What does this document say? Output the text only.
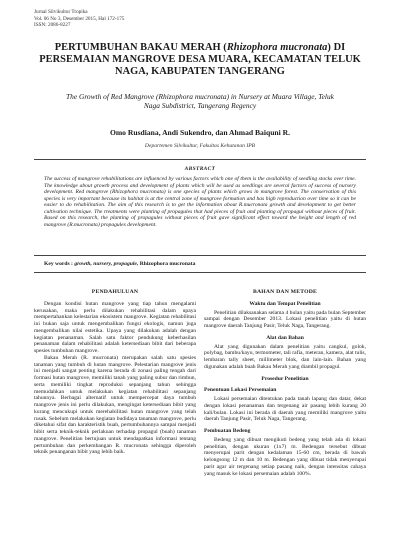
Jurnal Silvikultur Tropika
Vol. 06 No 3, Desember 2015, Hal 172-175
ISSN: 2086-8227
PERTUMBUHAN BAKAU MERAH (Rhizophora mucronata) DI PERSEMAIAN MANGROVE DESA MUARA, KECAMATAN TELUK NAGA, KABUPATEN TANGERANG
The Growth of Red Mangrove (Rhizophora mucronata) in Nursery at Muara Village, Teluk Naga Subdistrict, Tangerang Regency
Omo Rusdiana, Andi Sukendro, dan Ahmad Baiquni R.
Departemen Silvikultur, Fakultas Kehutanan IPB
ABSTRACT
The success of mangrove rehabilitations are influenced by various factors which one of them is the availability of seedling stocks over time. The knowledge about growth process and development of plants which will be used as seedlings are several factors of success of nursery development. Red mangrove (Rhizophora mucronata) is one species of plants which grows in mangrove forest. The conservation of this species is very important because its habitat is at the central zone of mangrove formation and has high reproduction over time so it can be easier to do rehabilitation. The aim of this research is to get the information about R.mucronata growth and development to get better cultivation technique. The treatments were planting of propagules that had pieces of fruit and planting of propagul without pieces of fruit. Based on this research, the planting of propagules without pieces of fruit gave significant effect toward the height and length of red mangrove (R.mucronata) propagules development.
Key words : growth, nursery, propagule, Rhizophora mucronata
PENDAHULUAN

Dengan kondisi hutan mangrove yang tiap tahun mengalami kerusakan, maka perlu dilakukan rehabilitasi dalam upaya mempertahankan kelestarian ekosistem mangrove. Kegiatan rehabilitasi ini bukan saja untuk mengembalikan fungsi ekologis, namun juga mengembalikan nilai estetika. Upaya yang dilakukan adalah dengan kegiatan penanaman. Salah satu faktor pendukung keberhasilan penanaman dalam rehabilitasi adalah ketersediaan bibit dari beberapa spesies tumbuhan mangrove.

Bakau Merah (R. mucronata) merupakan salah satu spesies tanaman yang tumbuh di hutan mangrove. Pelestarian mangrove jenis ini menjadi sangat penting karena berada di zonasi paling tengah dari formasi hutan mangrove, memiliki tanah yang paling subur dan rimbun, serta memiliki tingkat reproduksi sepanjang tahun sehingga memudahkan untuk melakukan kegiatan rehabilitasi sepanjang tahunnya. Berbagai alternatif untuk mempercepat daya tumbuh mangrove jenis ini perlu dilakukan, mengingat ketersediaan bibit yang kurang mencukupi untuk merehabilitasi hutan mangrove yang telah rusak. Sebelum melakukan kegiatan budidaya tanaman mangrove, perlu diketahui sifat dan karakteristik buah, pertumbuhannya sampai menjadi bibit serta teknik-teknik perlakuan terhadap propagul (buah) tanaman mangrove. Penelitian bertujuan untuk mendapatkan informasi tentang pertumbuhan dan perkembangan R. mucronata sehingga diperoleh teknik penanganan bibit yang lebih baik.

BAHAN DAN METODE
Waktu dan Tempat Penelitian

Penelitian dilaksanakan selama 4 bulan yaitu pada bulan September sampai dengan Desember 2013. Lokasi penelitian yaitu di hutan mangrove daerah Tanjung Pasir, Teluk Naga, Tangerang.

Alat dan Bahan

Alat yang digunakan dalam penelitian yaitu cangkul, golok, polybag, bambu/kayu, termometer, tali rafia, meteran, kamera, alat tulis, lembaran tally sheet, millimeter blok, dan lain-lain. Bahan yang digunakan adalah buah Bakau Merah yang diambil propagul.

Prosedur Penelitian
Penentuan Lokasi Persemaian

Lokasi persemaian ditentukan pada tanah lapang dan datar, dekat dengan lokasi penanaman dan tergenang air pasang lebih kurang 20 kali/bulan. Lokasi ini berada di daerah yang memiliki mangrove yaitu daerah Tanjung Pasir, Teluk Naga, Tangerang.

Pembuatan Bedeng

Bedeng yang dibuat mengikuti bedeng yang telah ada di lokasi penelitian, dengan ukuran (1x7) m. Bedengan tersebut dibuat menyerupai parit dengan kedalaman 15-60 cm, berada di bawah kelongsong 12 m dan 10 m. Bedengan yang dibuat tidak menyerupai parit agar air tergenang setiap pasang naik, dengan intensitas cahaya yang masuk ke lokasi persemaian adalah 100%.
